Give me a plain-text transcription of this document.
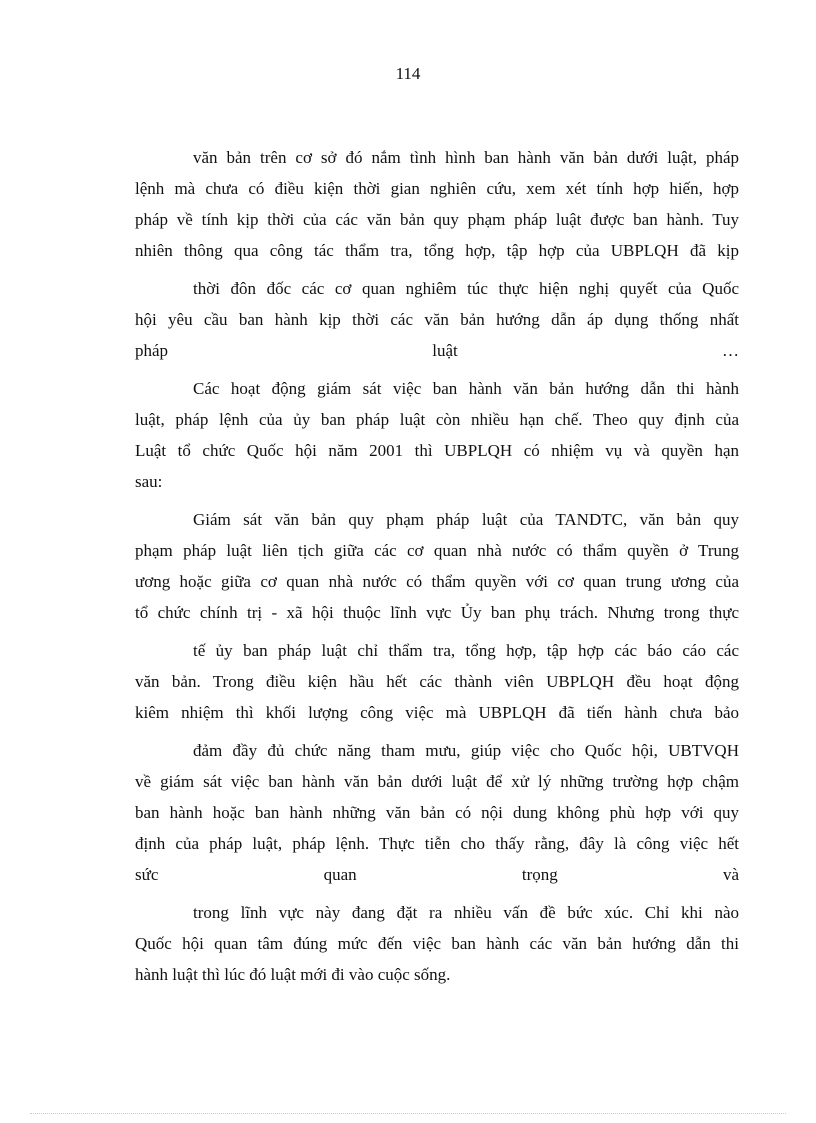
114
văn bản trên cơ sở đó nắm tình hình ban hành văn bản dưới luật, pháp
lệnh mà chưa có điều kiện thời gian nghiên cứu, xem xét tính hợp hiến, hợp
pháp về tính kịp thời của các văn bản quy phạm pháp luật được ban hành. Tuy
nhiên thông qua công tác thẩm tra, tổng hợp, tập hợp của UBPLQH đã kịp
thời đôn đốc các cơ quan nghiêm túc thực hiện nghị quyết của Quốc
hội yêu cầu ban hành kịp thời các văn bản hướng dẫn áp dụng thống nhất
pháp luật …
Các hoạt động giám sát việc ban hành văn bản hướng dẫn thi hành
luật, pháp lệnh của ủy ban pháp luật còn nhiều hạn chế. Theo quy định của
Luật tổ chức Quốc hội năm 2001 thì UBPLQH có nhiệm vụ và quyền hạn
sau:
Giám sát văn bản quy phạm pháp luật của TANDTC, văn bản quy
phạm pháp luật liên tịch giữa các cơ quan nhà nước có thẩm quyền ở Trung
ương hoặc giữa cơ quan nhà nước có thẩm quyền với cơ quan trung ương của
tổ chức chính trị - xã hội thuộc lĩnh vực Ủy ban phụ trách. Nhưng trong thực
tế ủy ban pháp luật chỉ thẩm tra, tổng hợp, tập hợp các báo cáo các
văn bản. Trong điều kiện hầu hết các thành viên UBPLQH đều hoạt động
kiêm nhiệm thì khối lượng công việc mà UBPLQH đã tiến hành chưa bảo
đảm đầy đủ chức năng tham mưu, giúp việc cho Quốc hội, UBTVQH
về giám sát việc ban hành văn bản dưới luật để xử lý những trường hợp chậm
ban hành hoặc ban hành những văn bản có nội dung không phù hợp với quy
định của pháp luật, pháp lệnh. Thực tiễn cho thấy rằng, đây là công việc hết
sức quan trọng và
trong lĩnh vực này đang đặt ra nhiều vấn đề bức xúc. Chỉ khi nào
Quốc hội quan tâm đúng mức đến việc ban hành các văn bản hướng dẫn thi
hành luật thì lúc đó luật mới đi vào cuộc sống.
